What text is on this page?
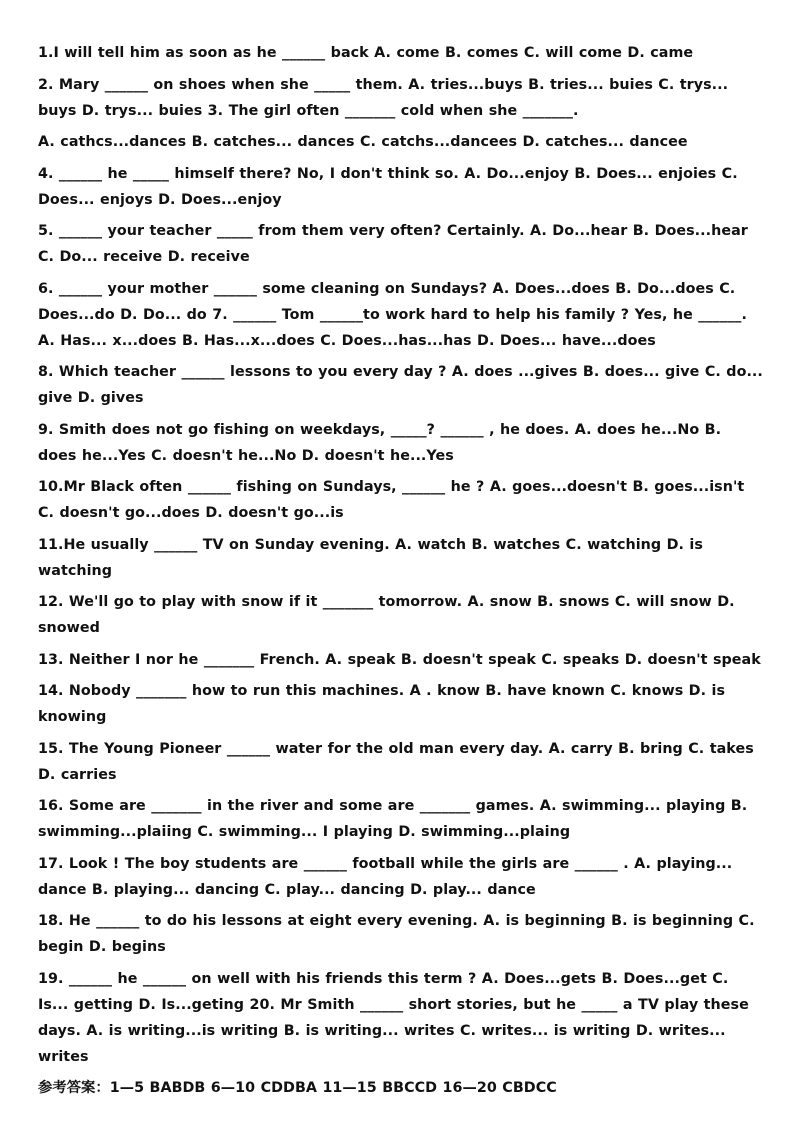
1.I will tell him as soon as he ______ back A. come B. comes C. will come D. came
2. Mary ______ on shoes when she _____ them. A. tries...buys B. tries... buies C. trys... buys D. trys... buies 3. The girl often _______ cold when she _______.
A. cathcs...dances B. catches... dances C. catchs...dancees D. catches... dancee
4. ______ he _____ himself there? No, I don't think so. A. Do...enjoy B. Does... enjoies C. Does... enjoys D. Does...enjoy
5. ______ your teacher _____ from them very often? Certainly. A. Do...hear B. Does...hear C. Do... receive D. receive
6. ______ your mother ______ some cleaning on Sundays? A. Does...does B. Do...does C. Does...do D. Do... do 7. ______ Tom ______to work hard to help his family ? Yes, he ______. A. Has... x...does B. Has...x...does C. Does...has...has D. Does... have...does
8. Which teacher ______ lessons to you every day ? A. does ...gives B. does... give C. do... give D. gives
9. Smith does not go fishing on weekdays, _____? ______ , he does. A. does he...No B. does he...Yes C. doesn't he...No D. doesn't he...Yes
10.Mr Black often ______ fishing on Sundays, ______ he ? A. goes...doesn't B. goes...isn't C. doesn't go...does D. doesn't go...is
11.He usually ______ TV on Sunday evening. A. watch B. watches C. watching D. is watching
12. We'll go to play with snow if it _______ tomorrow. A. snow B. snows C. will snow D. snowed
13. Neither I nor he _______ French. A. speak B. doesn't speak C. speaks D. doesn't speak
14. Nobody _______ how to run this machines. A . know B. have known C. knows D. is knowing
15. The Young Pioneer ______ water for the old man every day. A. carry B. bring C. takes D. carries
16. Some are _______ in the river and some are _______ games. A. swimming... playing B. swimming...plaiing C. swimming... I playing D. swimming...plaing
17. Look ! The boy students are ______ football while the girls are ______ . A. playing... dance B. playing... dancing C. play... dancing D. play... dance
18. He ______ to do his lessons at eight every evening. A. is beginning B. is beginning C. begin D. begins
19. ______ he ______ on well with his friends this term ? A. Does...gets B. Does...get C. Is... getting D. Is...geting 20. Mr Smith ______ short stories, but he _____ a TV play these days. A. is writing...is writing B. is writing... writes C. writes... is writing D. writes... writes
参考答案：1—5 BABDB 6—10 CDDBA 11—15 BBCCD 16—20 CBDCC
